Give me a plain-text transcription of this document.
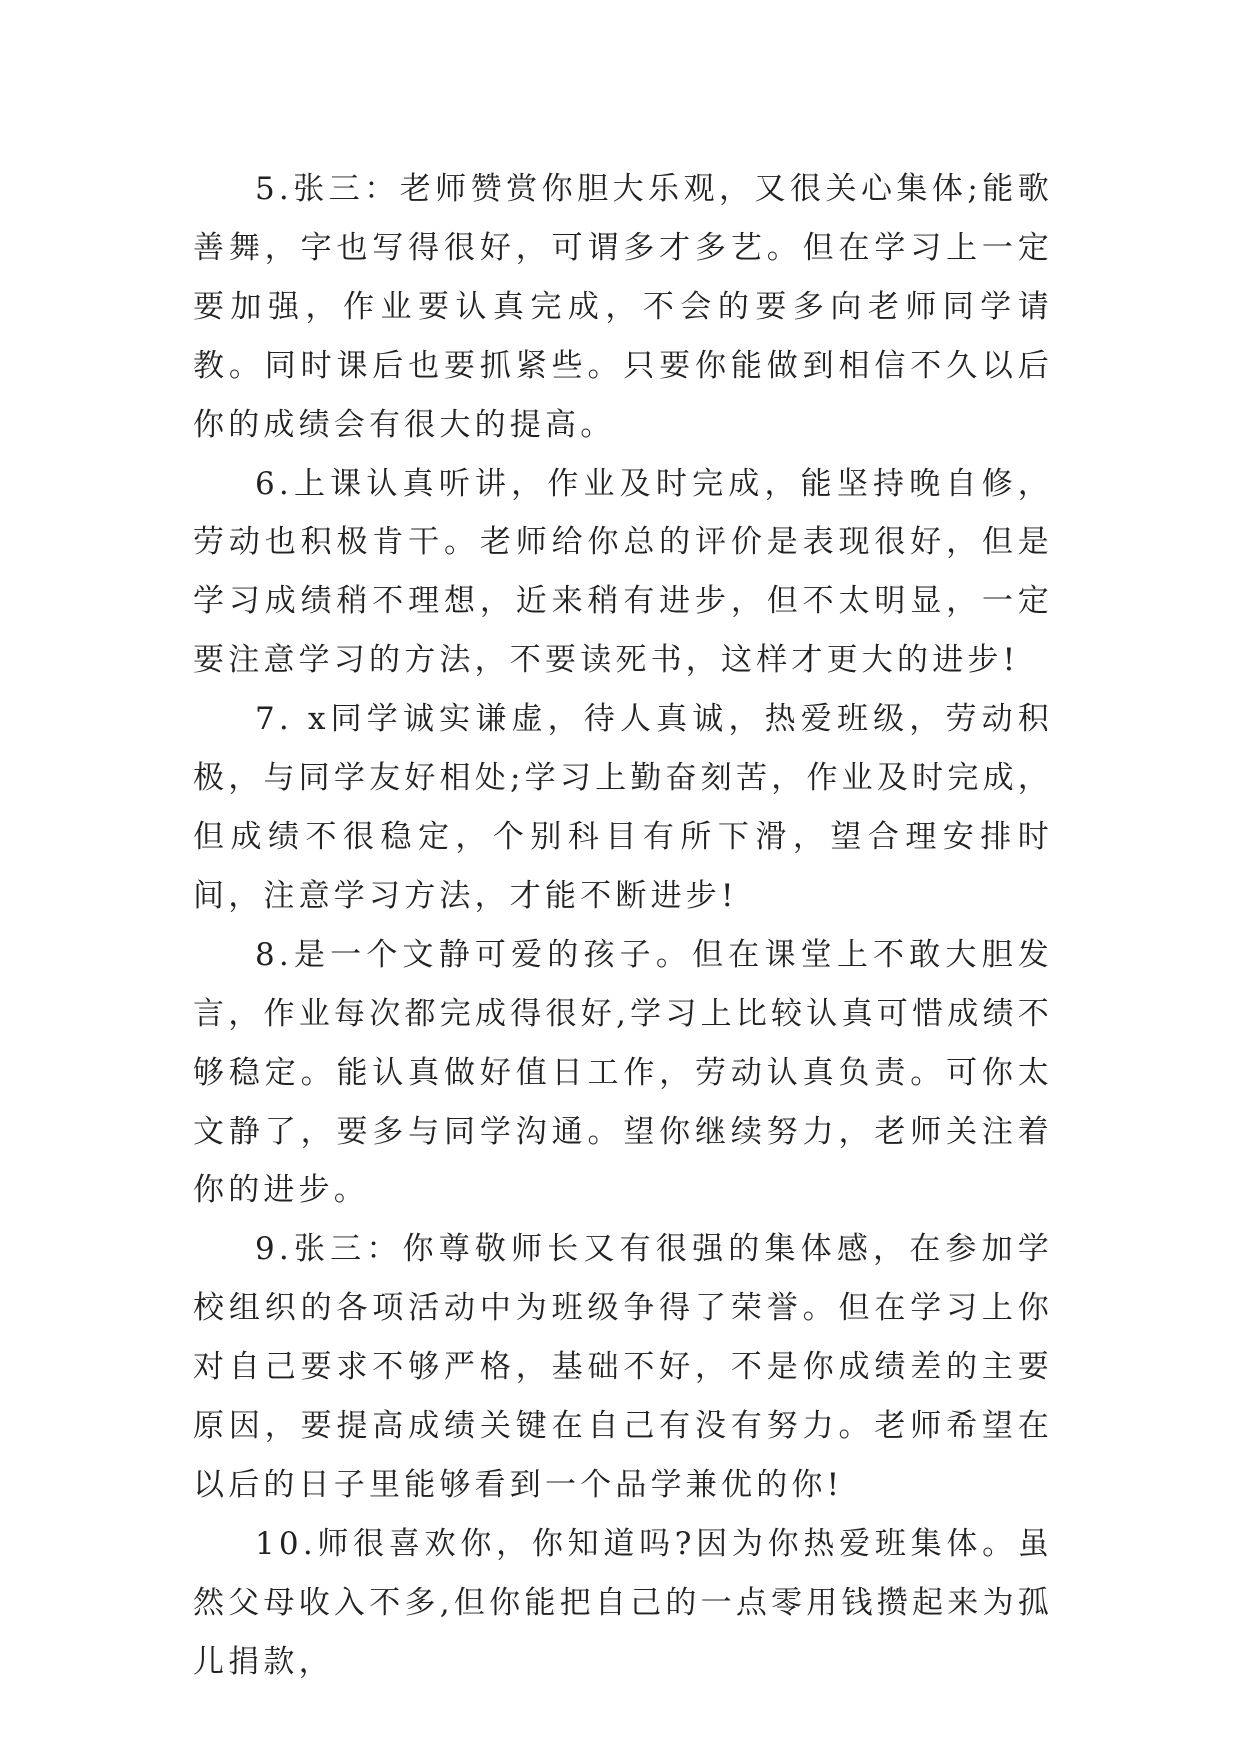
5.张三：老师赞赏你胆大乐观，又很关心集体;能歌善舞，字也写得很好，可谓多才多艺。但在学习上一定要加强，作业要认真完成，不会的要多向老师同学请教。同时课后也要抓紧些。只要你能做到相信不久以后你的成绩会有很大的提高。

6.上课认真听讲，作业及时完成，能坚持晚自修，劳动也积极肯干。老师给你总的评价是表现很好，但是学习成绩稍不理想，近来稍有进步，但不太明显，一定要注意学习的方法，不要读死书，这样才更大的进步!

7. x同学诚实谦虚，待人真诚，热爱班级，劳动积极，与同学友好相处;学习上勤奋刻苦，作业及时完成，但成绩不很稳定，个别科目有所下滑，望合理安排时间，注意学习方法，才能不断进步!

8.是一个文静可爱的孩子。但在课堂上不敢大胆发言，作业每次都完成得很好,学习上比较认真可惜成绩不够稳定。能认真做好值日工作，劳动认真负责。可你太文静了，要多与同学沟通。望你继续努力，老师关注着你的进步。

9.张三：你尊敬师长又有很强的集体感，在参加学校组织的各项活动中为班级争得了荣誉。但在学习上你对自己要求不够严格，基础不好，不是你成绩差的主要原因，要提高成绩关键在自己有没有努力。老师希望在以后的日子里能够看到一个品学兼优的你!

10.师很喜欢你，你知道吗?因为你热爱班集体。虽然父母收入不多,但你能把自己的一点零用钱攒起来为孤儿捐款，
